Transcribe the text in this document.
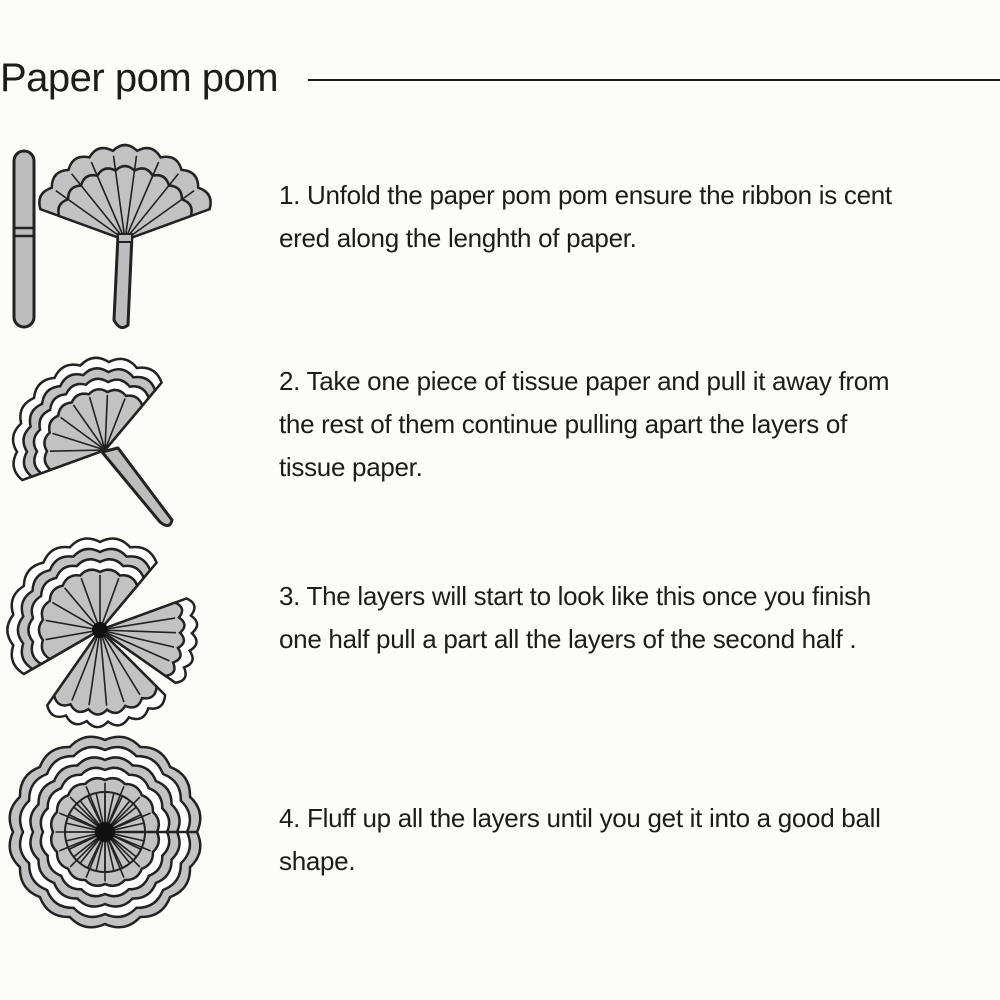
Paper pom pom
1. Unfold the paper pom pom ensure the ribbon is cent
ered along the lenghth of paper.
2. Take one piece of tissue paper and pull it away from
the rest of them continue pulling apart the layers of
tissue paper.
3. The layers will start to look like this once you finish
one half pull a part all the layers of the second half .
4. Fluff up all the layers until you get it into a good ball
shape.
